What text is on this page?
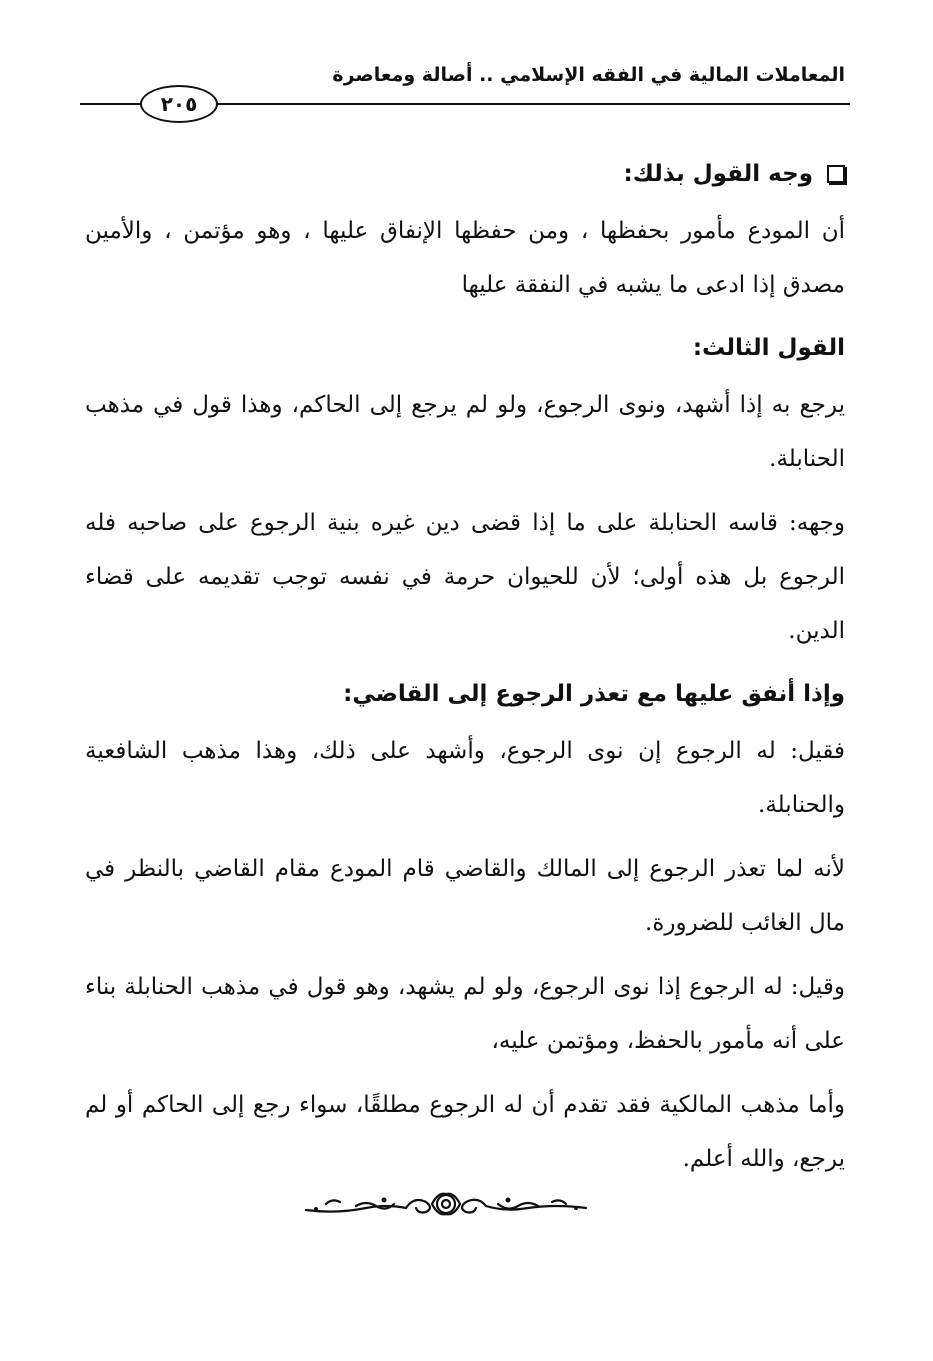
المعاملات المالية في الفقه الإسلامي .. أصالة ومعاصرة
٢٠٥
وجه القول بذلك:

أن المودع مأمور بحفظها ، ومن حفظها الإنفاق عليها ، وهو مؤتمن ، والأمين مصدق إذا ادعى ما يشبه في النفقة عليها

القول الثالث:

يرجع به إذا أشهد، ونوى الرجوع، ولو لم يرجع إلى الحاكم، وهذا قول في مذهب الحنابلة.

وجهه: قاسه الحنابلة على ما إذا قضى دين غيره بنية الرجوع على صاحبه فله الرجوع بل هذه أولى؛ لأن للحيوان حرمة في نفسه توجب تقديمه على قضاء الدين.

وإذا أنفق عليها مع تعذر الرجوع إلى القاضي:

فقيل: له الرجوع إن نوى الرجوع، وأشهد على ذلك، وهذا مذهب الشافعية والحنابلة.

لأنه لما تعذر الرجوع إلى المالك والقاضي قام المودع مقام القاضي بالنظر في مال الغائب للضرورة.

وقيل: له الرجوع إذا نوى الرجوع، ولو لم يشهد، وهو قول في مذهب الحنابلة بناء على أنه مأمور بالحفظ، ومؤتمن عليه،

وأما مذهب المالكية فقد تقدم أن له الرجوع مطلقًا، سواء رجع إلى الحاكم أو لم يرجع، والله أعلم.
